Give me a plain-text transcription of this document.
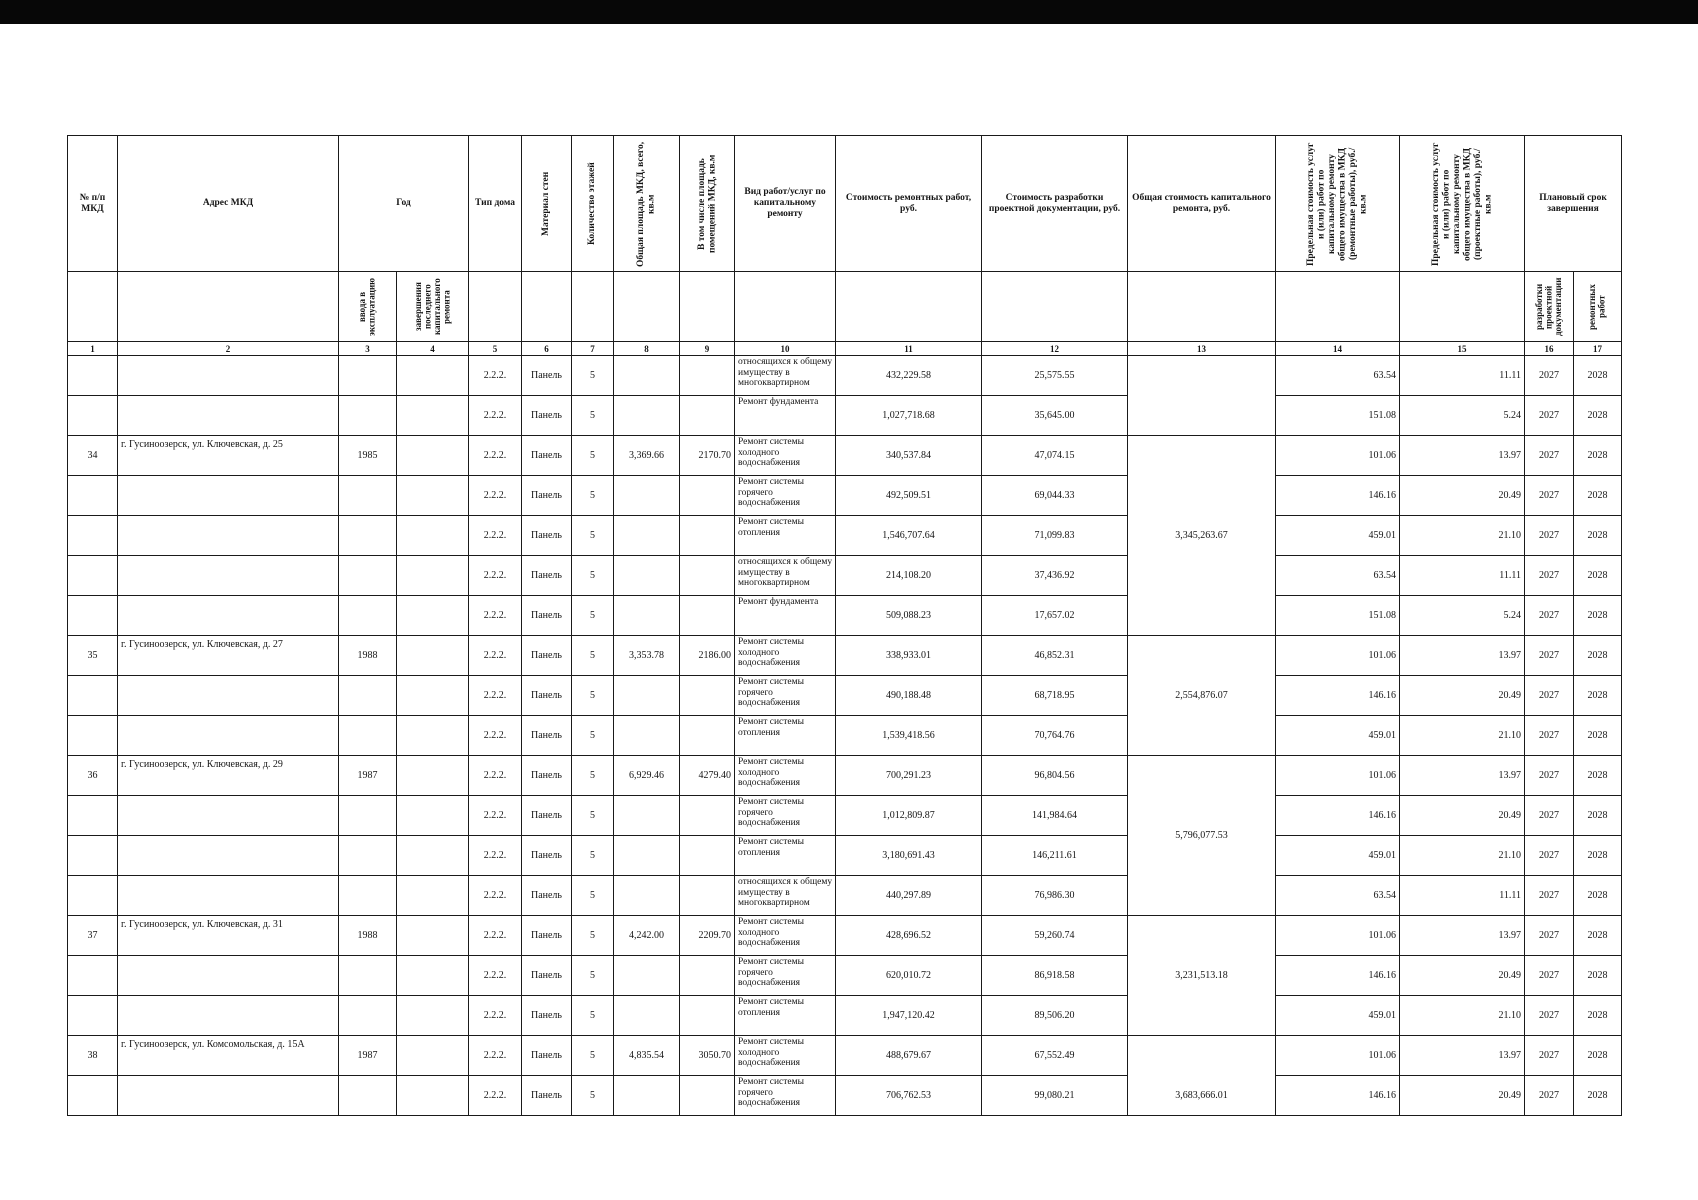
№ п/п МКД	Адрес МКД	Год		Тип дома	Материал стен	Количество этажей	Общая площадь МКД, всего, кв.м	В том числе площадь помещений МКД, кв.м	Вид работ/услуг по капитальному ремонту	Стоимость ремонтных работ, руб.	Стоимость разработки проектной документации, руб.	Общая стоимость капитального ремонта, руб.	Предельная стоимость услуг и (или) работ по капитальному ремонту общего имущества в МКД (ремонтные работы), руб./кв.м	Предельная стоимость услуг и (или) работ по капитальному ремонту общего имущества в МКД (проектные работы), руб./кв.м	Плановый срок завершения	

		ввода в эксплуатацию	завершения последнего капитального ремонта												разработки проектной документации	ремонтных работ

1	2	3	4	5	6	7	8	9	10	11	12	13	14	15	16	17
				2.2.2.	Панель	5			относящихся к общему имуществу в многоквартирном	432,229.58	25,575.55		63.54	11.11	2027	2028
				2.2.2.	Панель	5			Ремонт фундамента	1,027,718.68	35,645.00		151.08	5.24	2027	2028
34	г. Гусиноозерск, ул. Ключевская, д. 25	1985		2.2.2.	Панель	5	3,369.66	2170.70	Ремонт системы холодного водоснабжения	340,537.84	47,074.15	3,345,263.67	101.06	13.97	2027	2028
				2.2.2.	Панель	5			Ремонт системы горячего водоснабжения	492,509.51	69,044.33		146.16	20.49	2027	2028
				2.2.2.	Панель	5			Ремонт системы отопления	1,546,707.64	71,099.83		459.01	21.10	2027	2028
				2.2.2.	Панель	5			относящихся к общему имуществу в многоквартирном	214,108.20	37,436.92		63.54	11.11	2027	2028
				2.2.2.	Панель	5			Ремонт фундамента	509,088.23	17,657.02		151.08	5.24	2027	2028
35	г. Гусиноозерск, ул. Ключевская, д. 27	1988		2.2.2.	Панель	5	3,353.78	2186.00	Ремонт системы холодного водоснабжения	338,933.01	46,852.31	2,554,876.07	101.06	13.97	2027	2028
				2.2.2.	Панель	5			Ремонт системы горячего водоснабжения	490,188.48	68,718.95		146.16	20.49	2027	2028
				2.2.2.	Панель	5			Ремонт системы отопления	1,539,418.56	70,764.76		459.01	21.10	2027	2028
36	г. Гусиноозерск, ул. Ключевская, д. 29	1987		2.2.2.	Панель	5	6,929.46	4279.40	Ремонт системы холодного водоснабжения	700,291.23	96,804.56	5,796,077.53	101.06	13.97	2027	2028
				2.2.2.	Панель	5			Ремонт системы горячего водоснабжения	1,012,809.87	141,984.64		146.16	20.49	2027	2028
				2.2.2.	Панель	5			Ремонт системы отопления	3,180,691.43	146,211.61		459.01	21.10	2027	2028
				2.2.2.	Панель	5			относящихся к общему имуществу в многоквартирном	440,297.89	76,986.30		63.54	11.11	2027	2028
37	г. Гусиноозерск, ул. Ключевская, д. 31	1988		2.2.2.	Панель	5	4,242.00	2209.70	Ремонт системы холодного водоснабжения	428,696.52	59,260.74	3,231,513.18	101.06	13.97	2027	2028
				2.2.2.	Панель	5			Ремонт системы горячего водоснабжения	620,010.72	86,918.58		146.16	20.49	2027	2028
				2.2.2.	Панель	5			Ремонт системы отопления	1,947,120.42	89,506.20		459.01	21.10	2027	2028
38	г. Гусиноозерск, ул. Комсомольская, д. 15А	1987		2.2.2.	Панель	5	4,835.54	3050.70	Ремонт системы холодного водоснабжения	488,679.67	67,552.49	3,683,666.01	101.06	13.97	2027	2028
				2.2.2.	Панель	5			Ремонт системы горячего водоснабжения	706,762.53	99,080.21		146.16	20.49	2027	2028
